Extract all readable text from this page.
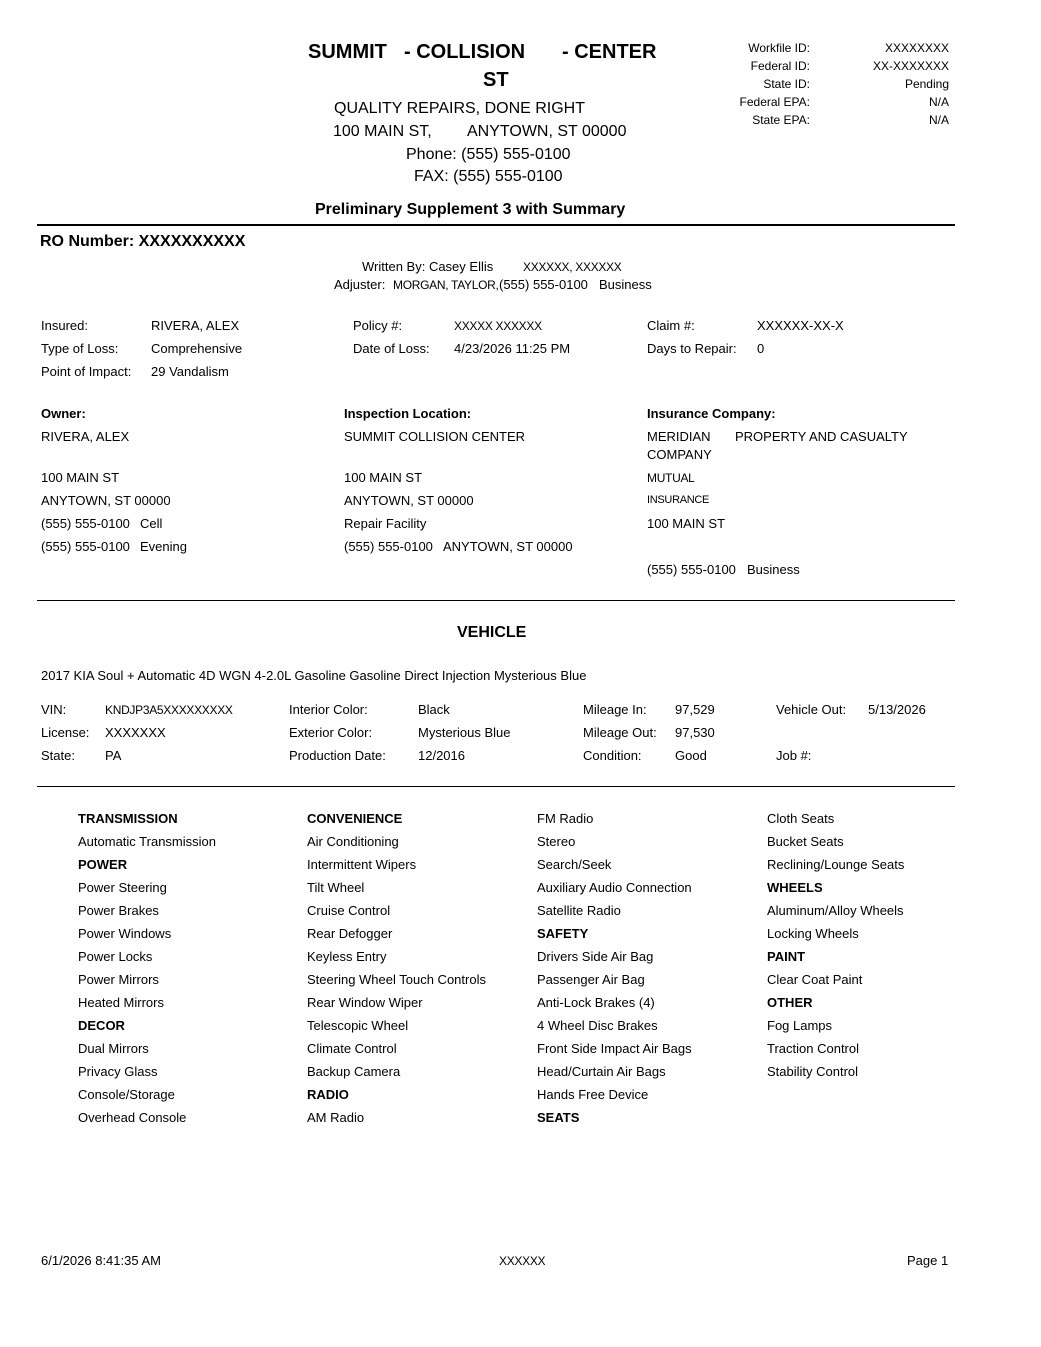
SUMMIT - COLLISION - CENTER
ST
QUALITY REPAIRS, DONE RIGHT
100 MAIN ST, ANYTOWN, ST 00000
Phone: (555) 555-0100
FAX: (555) 555-0100
Workfile ID:	XXXXXXXX
Federal ID:	XX-XXXXXXX
State ID:	Pending
Federal EPA:	N/A
State EPA:	N/A
Preliminary Supplement 3 with Summary
RO Number: XXXXXXXXXX
Written By: Casey Ellis XXXXXX, XXXXXX
Adjuster: MORGAN, TAYLOR, (555) 555-0100 Business
Insured:	RIVERA, ALEX
Type of Loss:	Comprehensive
Point of Impact: 29 Vandalism
Policy #:	XXXXX XXXXXX
Date of Loss: 4/23/2026 11:25 PM
Claim #:	XXXXXX-XX-X
Days to Repair: 0
Owner:
RIVERA, ALEX
100 MAIN ST
ANYTOWN, ST 00000
(555) 555-0100 Cell
(555) 555-0100 Evening
Inspection Location:
SUMMIT COLLISION CENTER
100 MAIN ST
ANYTOWN, ST 00000
Repair Facility
(555) 555-0100 ANYTOWN, ST 00000
Insurance Company:
MERIDIAN PROPERTY AND CASUALTY
COMPANY
MUTUAL
INSURANCE
100 MAIN ST
(555) 555-0100 Business
VEHICLE
2017 KIA Soul + Automatic 4D WGN 4-2.0L Gasoline Gasoline Direct Injection Mysterious Blue
VIN:	KNDJP3A5XXXXXXXXX
License: XXXXXXX
State: PA
Interior Color:	Black
Exterior Color:	Mysterious Blue
Production Date: 12/2016
Mileage In: 97,529
Mileage Out: 97,530
Condition:	Good
Vehicle Out: 5/13/2026
Job #:
TRANSMISSION
Automatic Transmission
POWER
Power Steering
Power Brakes
Power Windows
Power Locks
Power Mirrors
Heated Mirrors
DECOR
Dual Mirrors
Privacy Glass
Console/Storage
Overhead Console
CONVENIENCE
Air Conditioning
Intermittent Wipers
Tilt Wheel
Cruise Control
Rear Defogger
Keyless Entry
Steering Wheel Touch Controls
Rear Window Wiper
Telescopic Wheel
Climate Control
Backup Camera
RADIO
AM Radio
FM Radio
Stereo
Search/Seek
Auxiliary Audio Connection
Satellite Radio
SAFETY
Drivers Side Air Bag
Passenger Air Bag
Anti-Lock Brakes (4)
4 Wheel Disc Brakes
Front Side Impact Air Bags
Head/Curtain Air Bags
Hands Free Device
SEATS
Cloth Seats
Bucket Seats
Reclining/Lounge Seats
WHEELS
Aluminum/Alloy Wheels
Locking Wheels
PAINT
Clear Coat Paint
OTHER
Fog Lamps
Traction Control
Stability Control
6/1/2026 8:41:35 AM	XXXXXX	Page 1
